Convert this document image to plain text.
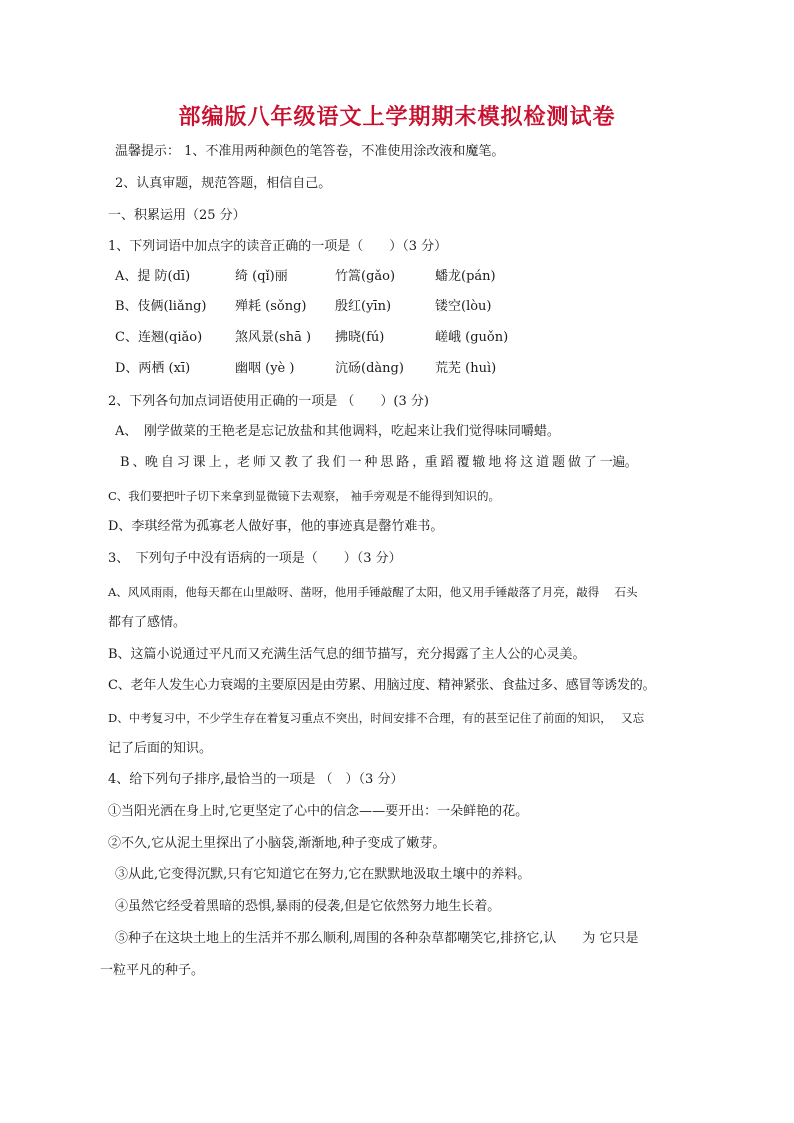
部编版八年级语文上学期期末模拟检测试卷
温馨提示： 1、不准用两种颜色的笔答卷，不准使用涂改液和魔笔。
2、认真审题，规范答题，相信自己。
一、积累运用（25 分）
1、下列词语中加点字的读音正确的一项是（　　）（3 分）
A、提 防(dī)	绮 (qǐ)丽	竹篙(gǎo)	蟠龙(pán)
B、伎俩(liǎng) 殚耗 (sǒng) 殷红(yīn)	镂空(lòu)
C、连翘(qiǎo)	煞风景(shā ) 拂晓(fú)	嵯峨 (guǒn)
D、两栖 (xī)	幽咽 (yè )	沆砀(dàng) 荒芜 (huì)
2、下列各句加点词语使用正确的一项是 （　　）(3 分)
A、　刚学做菜的王艳老是忘记放盐和其他调料，吃起来让我们觉得味同嚼蜡。
B 、晚 自 习 课 上 ，老 师 又 教 了 我 们 一 种 思 路 ，重 蹈 覆 辙 地 将 这 道 题 做 了 一遍。
C、我们要把叶子切下来拿到显微镜下去观察， 袖手旁观是不能得到知识的。
D、李琪经常为孤寡老人做好事，他的事迹真是罄竹难书。
3、　下列句子中没有语病的一项是（　　）（3 分）
A、风风雨雨，他每天都在山里敲呀、凿呀，他用手锤敲醒了太阳，他又用手锤敲落了月亮，敲得　 石头
都有了感情。
B、这篇小说通过平凡而又充满生活气息的细节描写，充分揭露了主人公的心灵美。
C、老年人发生心力衰竭的主要原因是由劳累、用脑过度、精神紧张、食盐过多、感冒等诱发的。
D、中考复习中，不少学生存在着复习重点不突出，时间安排不合理，有的甚至记住了前面的知识，　 又忘
记了后面的知识。
4、给下列句子排序,最恰当的一项是 （　）（3 分）
①当阳光洒在身上时,它更坚定了心中的信念——要开出：一朵鲜艳的花。
②不久,它从泥土里探出了小脑袋,渐渐地,种子变成了嫩芽。
③从此,它变得沉默,只有它知道它在努力,它在默默地汲取土壤中的养料。
④虽然它经受着黑暗的恐惧,暴雨的侵袭,但是它依然努力地生长着。
⑤种子在这块土地上的生活并不那么顺利,周围的各种杂草都嘲笑它,排挤它,认　　为 它只是
一粒平凡的种子。
